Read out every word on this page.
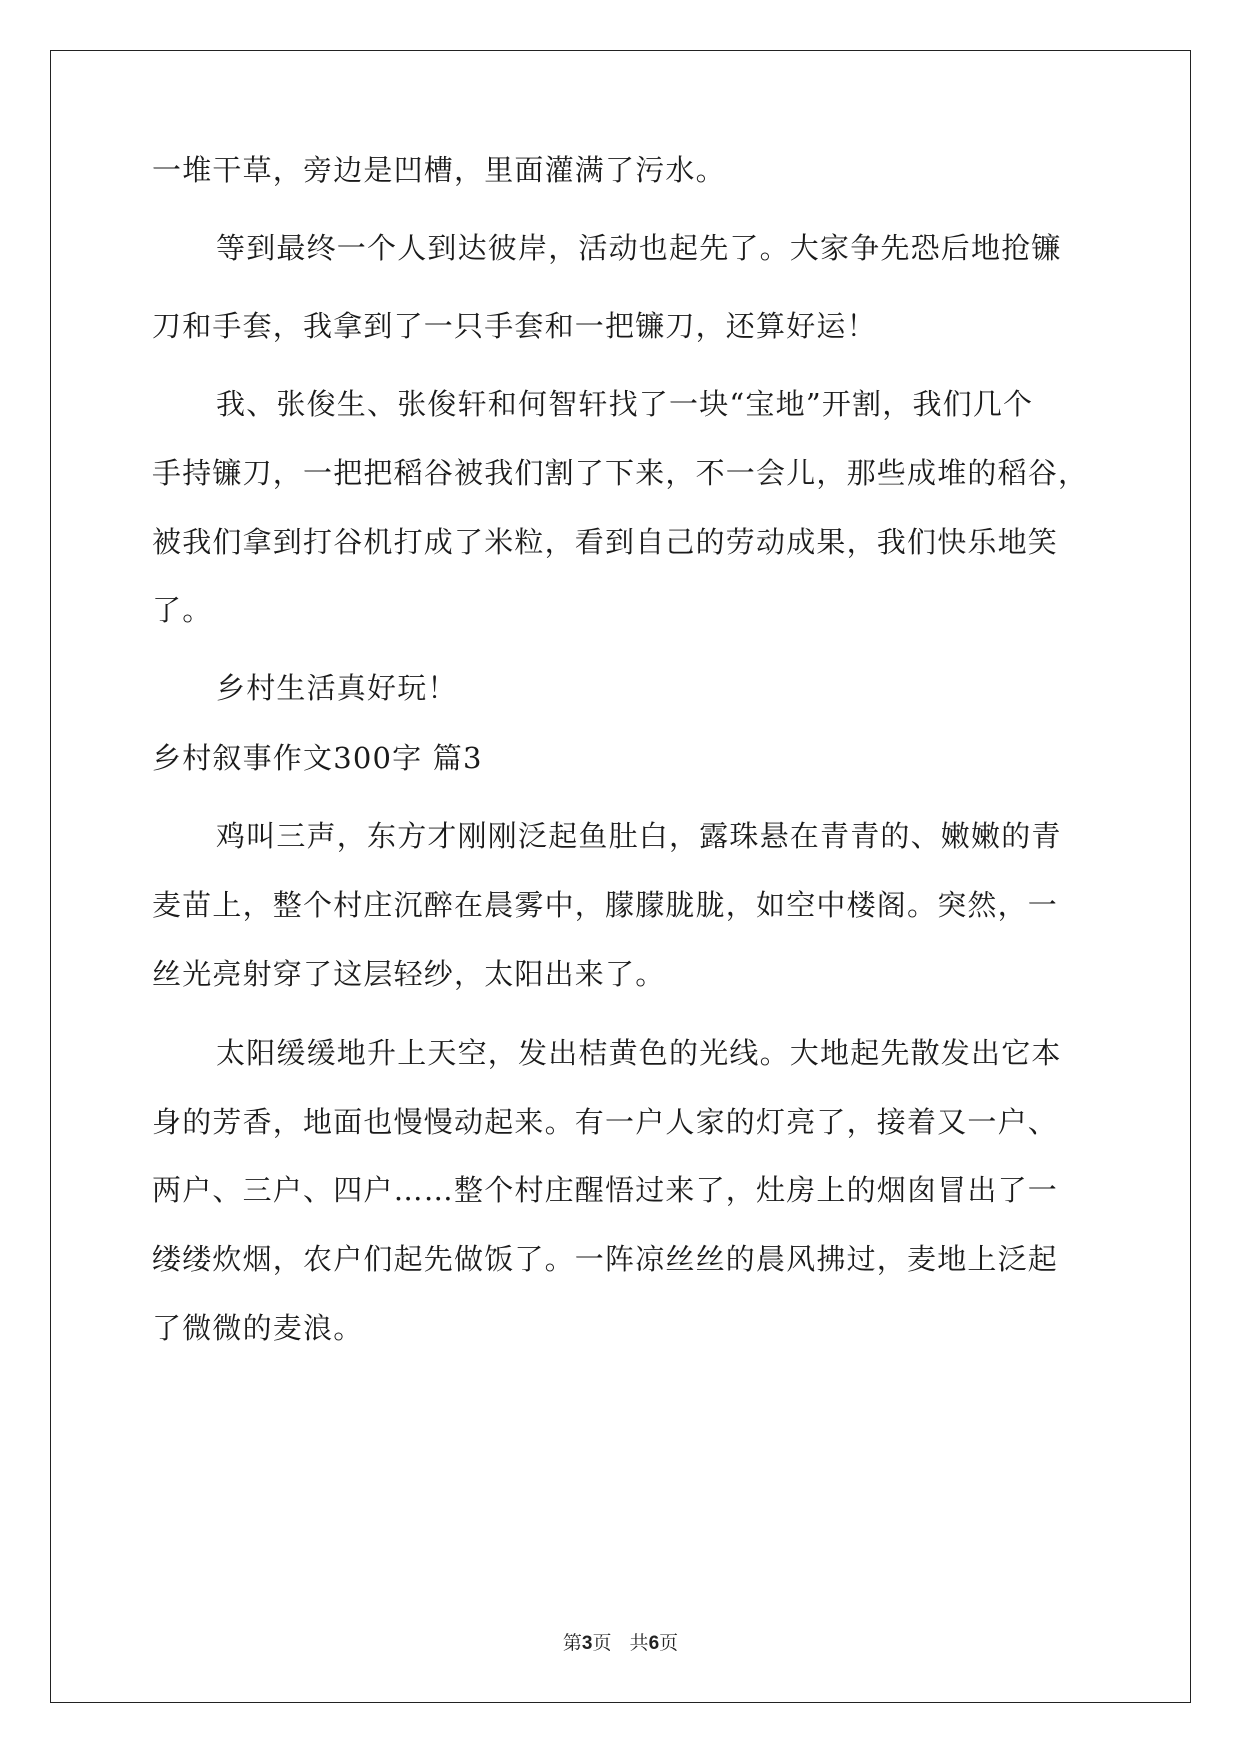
一堆干草，旁边是凹槽，里面灌满了污水。
等到最终一个人到达彼岸，活动也起先了。大家争先恐后地抢镰
刀和手套，我拿到了一只手套和一把镰刀，还算好运！
我、张俊生、张俊轩和何智轩找了一块“宝地”开割，我们几个
手持镰刀，一把把稻谷被我们割了下来，不一会儿，那些成堆的稻谷，
被我们拿到打谷机打成了米粒，看到自己的劳动成果，我们快乐地笑
了。
乡村生活真好玩！
乡村叙事作文300字 篇3
鸡叫三声，东方才刚刚泛起鱼肚白，露珠悬在青青的、嫩嫩的青
麦苗上，整个村庄沉醉在晨雾中，朦朦胧胧，如空中楼阁。突然，一
丝光亮射穿了这层轻纱，太阳出来了。
太阳缓缓地升上天空，发出桔黄色的光线。大地起先散发出它本
身的芳香，地面也慢慢动起来。有一户人家的灯亮了，接着又一户、
两户、三户、四户……整个村庄醒悟过来了，灶房上的烟囱冒出了一
缕缕炊烟，农户们起先做饭了。一阵凉丝丝的晨风拂过，麦地上泛起
了微微的麦浪。
第3页   共6页
